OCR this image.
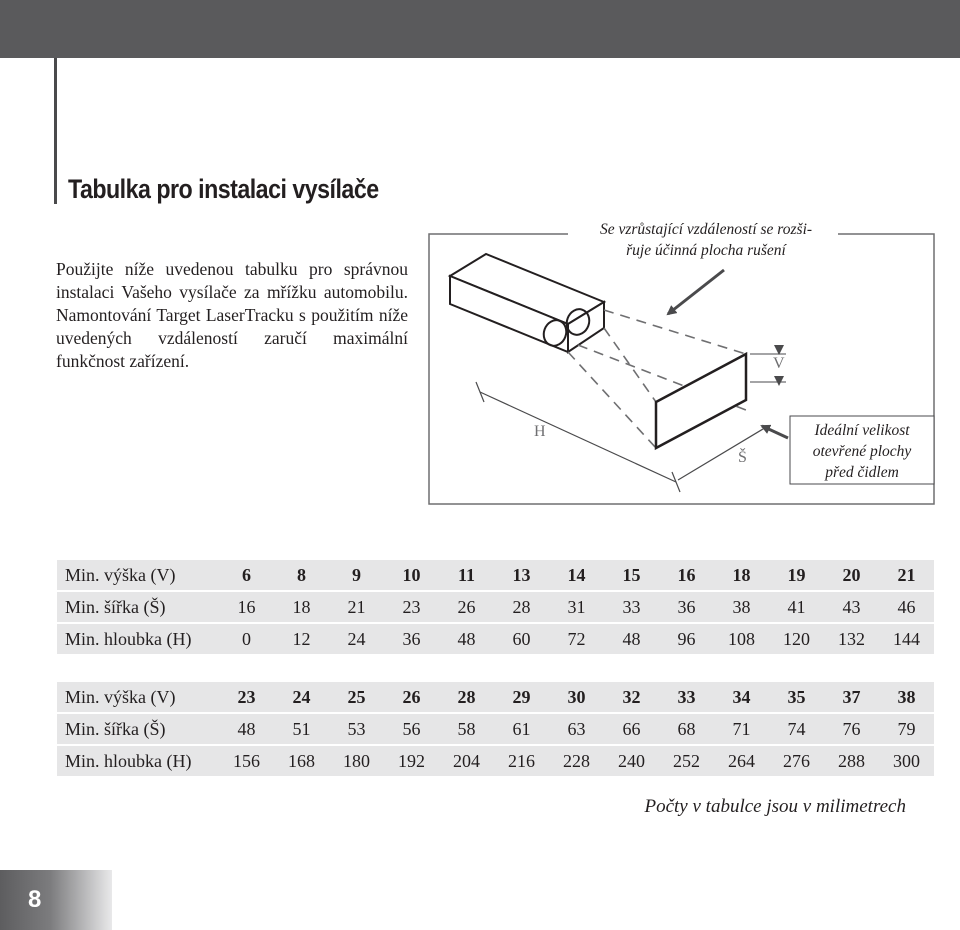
Tabulka pro instalaci vysílače

Použijte níže uvedenou tabulku pro správnou instalaci Vašeho vysílače za mřížku automobilu. Namontování Target LaserTracku s použitím níže uvedených vzdáleností zaručí maximální funkčnost zařízení.	V
H
Š
Se vzrůstající vzdáleností se rozši-
řuje účinná plocha rušení
Ideální velikost
otevřené plochy
před čidlem
Min. výška (V)	6	8	9	10	11	13	14	15	16	18	19	20	21
Min. šířka (Š)	16	18	21	23	26	28	31	33	36	38	41	43	46
Min. hloubka (H)	0	12	24	36	48	60	72	48	96	108	120	132	144
Min. výška (V)	23	24	25	26	28	29	30	32	33	34	35	37	38
Min. šířka (Š)	48	51	53	56	58	61	63	66	68	71	74	76	79
Min. hloubka (H)	156	168	180	192	204	216	228	240	252	264	276	288	300

Počty v tabulce jsou v milimetrech

8
